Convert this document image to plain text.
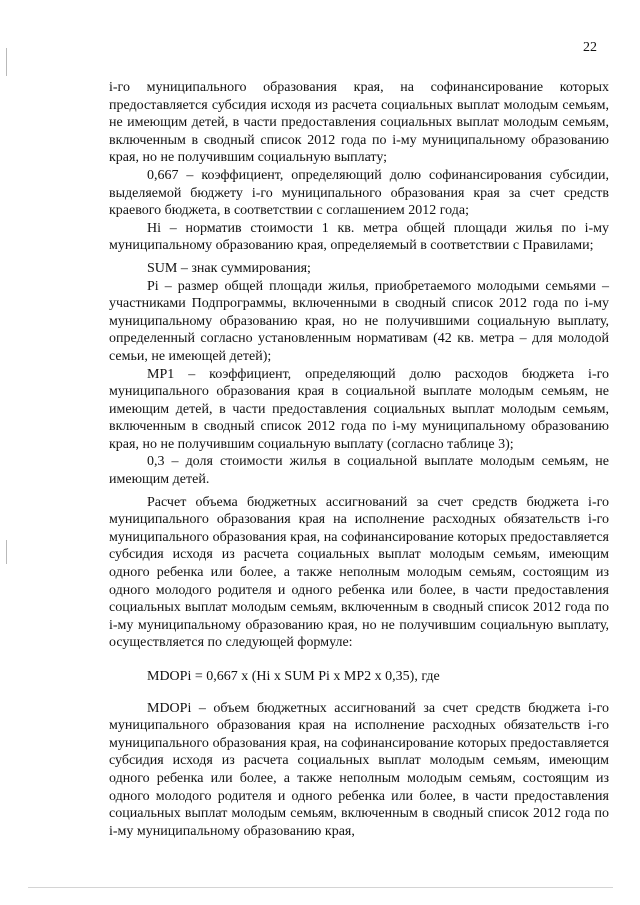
22

i-го муниципального образования края, на софинансирование которых предоставляется субсидия исходя из расчета социальных выплат молодым семьям, не имеющим детей, в части предоставления социальных выплат молодым семьям, включенным в сводный список 2012 года по i-му муниципальному образованию края, но не получившим социальную выплату;

0,667 – коэффициент, определяющий долю софинансирования субсидии, выделяемой бюджету i-го муниципального образования края за счет средств краевого бюджета, в соответствии с соглашением 2012 года;

Hi – норматив стоимости 1 кв. метра общей площади жилья по i-му муниципальному образованию края, определяемый в соответствии с Правилами;

SUM – знак суммирования;

Pi – размер общей площади жилья, приобретаемого молодыми семьями – участниками Подпрограммы, включенными в сводный список 2012 года по i-му муниципальному образованию края, но не получившими социальную выплату, определенный согласно установленным нормативам (42 кв. метра – для молодой семьи, не имеющей детей);

MP1 – коэффициент, определяющий долю расходов бюджета i-го муниципального образования края в социальной выплате молодым семьям, не имеющим детей, в части предоставления социальных выплат молодым семьям, включенным в сводный список 2012 года по i-му муниципальному образованию края, но не получившим социальную выплату (согласно таблице 3);

0,3 – доля стоимости жилья в социальной выплате молодым семьям, не имеющим детей.

Расчет объема бюджетных ассигнований за счет средств бюджета i-го муниципального образования края на исполнение расходных обязательств i-го муниципального образования края, на софинансирование которых предоставляется субсидия исходя из расчета социальных выплат молодым семьям, имеющим одного ребенка или более, а также неполным молодым семьям, состоящим из одного молодого родителя и одного ребенка или более, в части предоставления социальных выплат молодым семьям, включенным в сводный список 2012 года по i-му муниципальному образованию края, но не получившим социальную выплату, осуществляется по следующей формуле:

MDOPi = 0,667 x (Hi x SUM Pi x MP2 x 0,35), где

MDOPi – объем бюджетных ассигнований за счет средств бюджета i-го муниципального образования края на исполнение расходных обязательств i-го муниципального образования края, на софинансирование которых предоставляется субсидия исходя из расчета социальных выплат молодым семьям, имеющим одного ребенка или более, а также неполным молодым семьям, состоящим из одного молодого родителя и одного ребенка или более, в части предоставления социальных выплат молодым семьям, включенным в сводный список 2012 года по i-му муниципальному образованию края,
